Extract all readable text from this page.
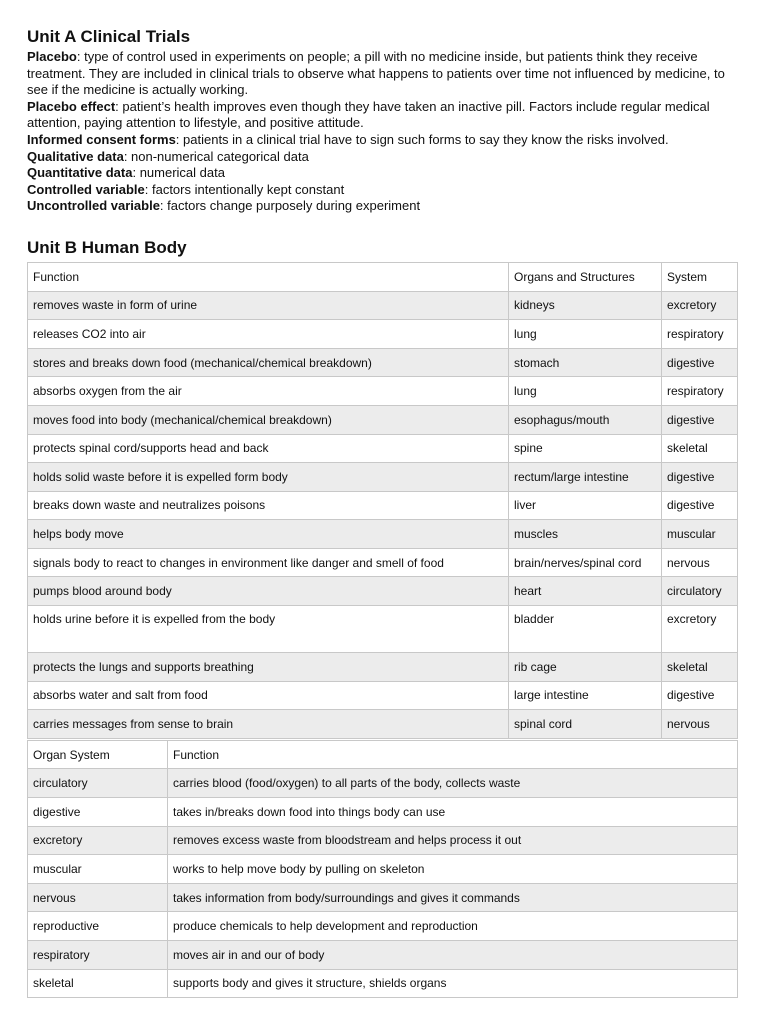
Unit A Clinical Trials

Placebo: type of control used in experiments on people; a pill with no medicine inside, but patients think they receive treatment. They are included in clinical trials to observe what happens to patients over time not influenced by medicine, to see if the medicine is actually working.

Placebo effect: patient’s health improves even though they have taken an inactive pill. Factors include regular medical attention, paying attention to lifestyle, and positive attitude.

Informed consent forms: patients in a clinical trial have to sign such forms to say they know the risks involved.

Qualitative data: non-numerical categorical data

Quantitative data: numerical data

Controlled variable: factors intentionally kept constant

Uncontrolled variable: factors change purposely during experiment

Unit B Human Body
Function	Organs and Structures	System
removes waste in form of urine	kidneys	excretory
releases CO2 into air	lung	respiratory
stores and breaks down food (mechanical/chemical breakdown)	stomach	digestive
absorbs oxygen from the air	lung	respiratory
moves food into body (mechanical/chemical breakdown)	esophagus/mouth	digestive
protects spinal cord/supports head and back	spine	skeletal
holds solid waste before it is expelled form body	rectum/large intestine	digestive
breaks down waste and neutralizes poisons	liver	digestive
helps body move	muscles	muscular
signals body to react to changes in environment like danger and smell of food	brain/nerves/spinal cord	nervous
pumps blood around body	heart	circulatory
holds urine before it is expelled from the body	bladder	excretory
protects the lungs and supports breathing	rib cage	skeletal
absorbs water and salt from food	large intestine	digestive
carries messages from sense to brain	spinal cord	nervous
Organ System	Function
circulatory	carries blood (food/oxygen) to all parts of the body, collects waste
digestive	takes in/breaks down food into things body can use
excretory	removes excess waste from bloodstream and helps process it out
muscular	works to help move body by pulling on skeleton
nervous	takes information from body/surroundings and gives it commands
reproductive	produce chemicals to help development and reproduction
respiratory	moves air in and our of body
skeletal	supports body and gives it structure, shields organs
